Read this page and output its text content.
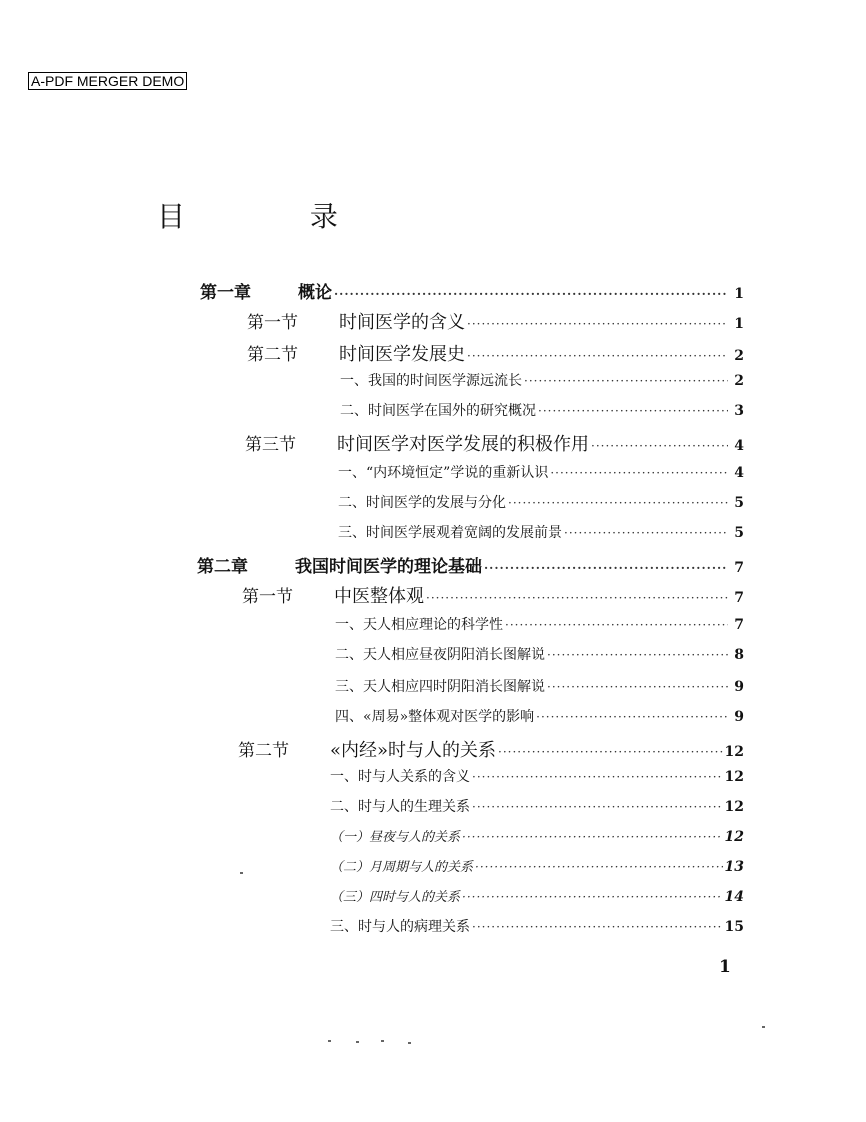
A-PDF MERGER DEMO
目 录
第一章	概论 ·····	1
第一节	时间医学的含义 ·····	1
第二节	时间医学发展史 ·····	2
一、我国的时间医学源远流长 ·····	2
二、时间医学在国外的研究概况 ·····	3
第三节	时间医学对医学发展的积极作用 ·····	4
一、“内环境恒定”学说的重新认识 ·····	4
二、时间医学的发展与分化 ·····	5
三、时间医学展观着宽阔的发展前景 ·····	5
第二章	我国时间医学的理论基础 ·····	7
第一节	中医整体观 ·····	7
一、天人相应理论的科学性 ·····	7
二、天人相应昼夜阴阳消长图解说 ·····	8
三、天人相应四时阴阳消长图解说 ·····	9
四、«周易»整体观对医学的影响 ·····	9
第二节	«内经»时与人的关系 ·····	12
一、时与人关系的含义 ·····	12
二、时与人的生理关系 ·····	12
（一）昼夜与人的关系 ·····	12
（二）月周期与人的关系 ·····	13
（三）四时与人的关系 ·····	14
三、时与人的病理关系 ·····	15
1
